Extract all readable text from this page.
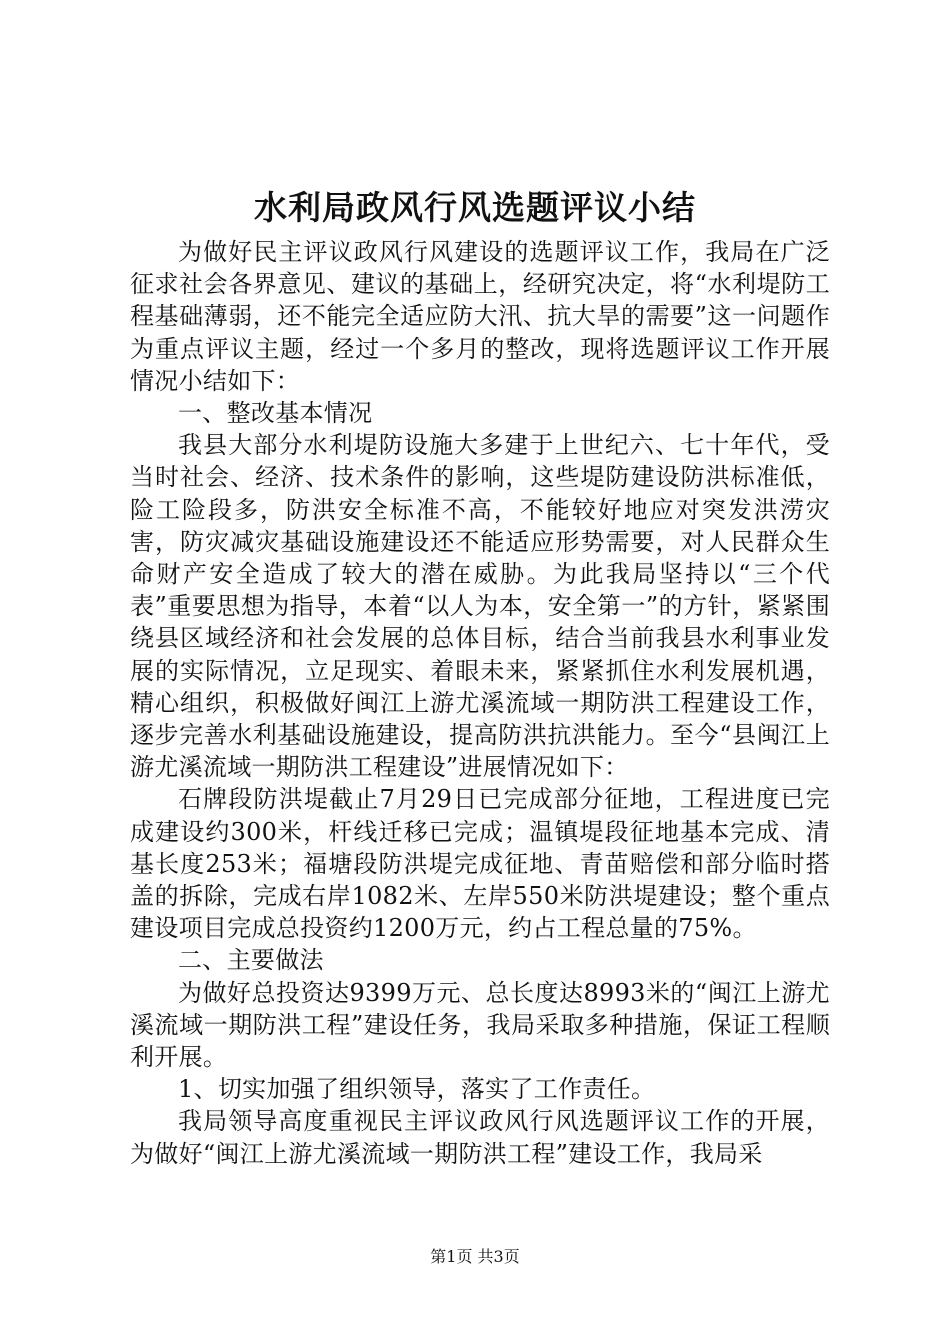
水利局政风行风选题评议小结

为做好民主评议政风行风建设的选题评议工作，我局在广泛征求社会各界意见、建议的基础上，经研究决定，将“水利堤防工程基础薄弱，还不能完全适应防大汛、抗大旱的需要”这一问题作为重点评议主题，经过一个多月的整改，现将选题评议工作开展情况小结如下：

一、整改基本情况

我县大部分水利堤防设施大多建于上世纪六、七十年代，受当时社会、经济、技术条件的影响，这些堤防建设防洪标准低，险工险段多，防洪安全标准不高，不能较好地应对突发洪涝灾害，防灾减灾基础设施建设还不能适应形势需要，对人民群众生命财产安全造成了较大的潜在威胁。为此我局坚持以“三个代表”重要思想为指导，本着“以人为本，安全第一”的方针，紧紧围绕县区域经济和社会发展的总体目标，结合当前我县水利事业发展的实际情况，立足现实、着眼未来，紧紧抓住水利发展机遇，精心组织，积极做好闽江上游尤溪流域一期防洪工程建设工作，逐步完善水利基础设施建设，提高防洪抗洪能力。至今“县闽江上游尤溪流域一期防洪工程建设”进展情况如下：

石牌段防洪堤截止7月29日已完成部分征地，工程进度已完成建设约300米，杆线迁移已完成；温镇堤段征地基本完成、清基长度253米；福塘段防洪堤完成征地、青苗赔偿和部分临时搭盖的拆除，完成右岸1082米、左岸550米防洪堤建设；整个重点建设项目完成总投资约1200万元，约占工程总量的75%。

二、主要做法

为做好总投资达9399万元、总长度达8993米的“闽江上游尤溪流域一期防洪工程”建设任务，我局采取多种措施，保证工程顺利开展。

1、切实加强了组织领导，落实了工作责任。

我局领导高度重视民主评议政风行风选题评议工作的开展，为做好“闽江上游尤溪流域一期防洪工程”建设工作，我局采

第1页 共3页
